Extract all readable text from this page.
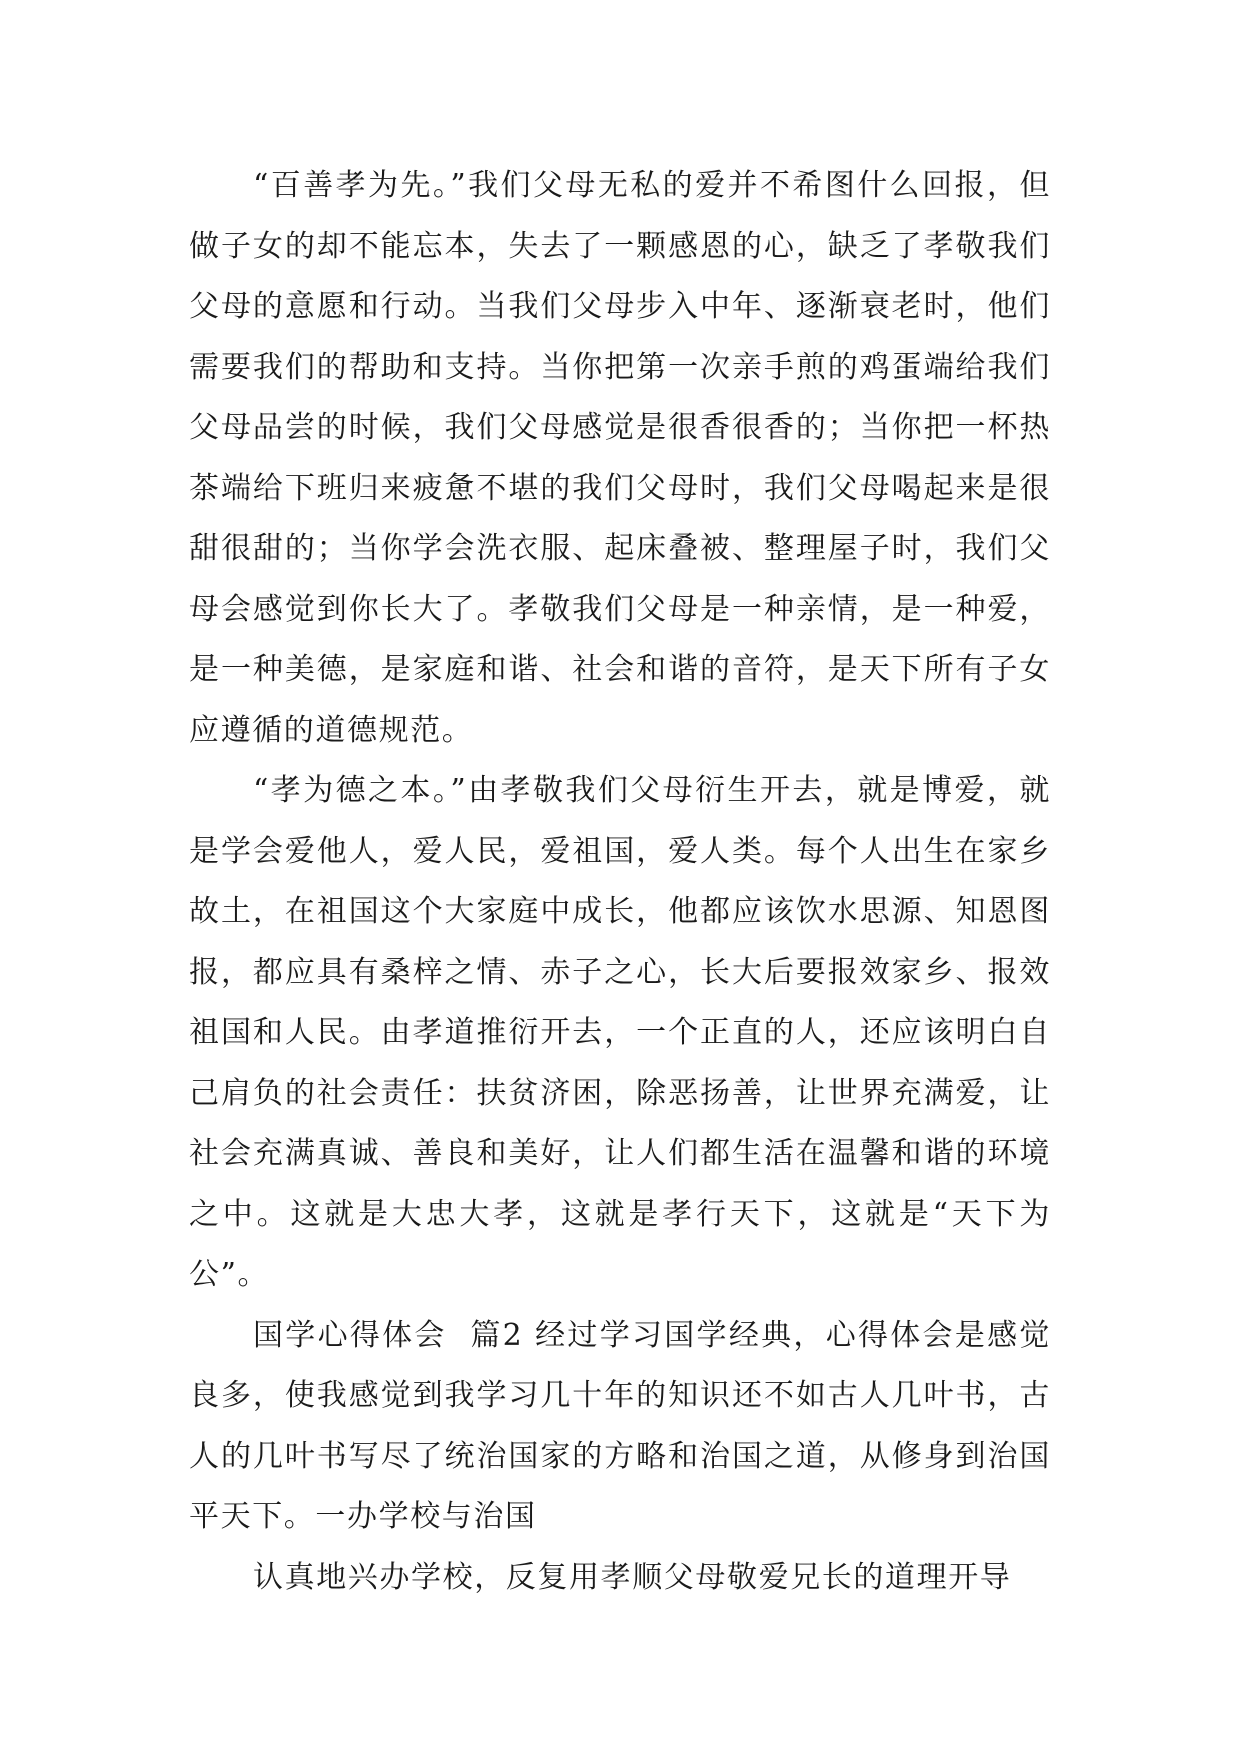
“百善孝为先。”我们父母无私的爱并不希图什么回报，但做子女的却不能忘本，失去了一颗感恩的心，缺乏了孝敬我们父母的意愿和行动。当我们父母步入中年、逐渐衰老时，他们需要我们的帮助和支持。当你把第一次亲手煎的鸡蛋端给我们父母品尝的时候，我们父母感觉是很香很香的；当你把一杯热茶端给下班归来疲惫不堪的我们父母时，我们父母喝起来是很甜很甜的；当你学会洗衣服、起床叠被、整理屋子时，我们父母会感觉到你长大了。孝敬我们父母是一种亲情，是一种爱，是一种美德，是家庭和谐、社会和谐的音符，是天下所有子女应遵循的道德规范。

“孝为德之本。”由孝敬我们父母衍生开去，就是博爱，就是学会爱他人，爱人民，爱祖国，爱人类。每个人出生在家乡故土，在祖国这个大家庭中成长，他都应该饮水思源、知恩图报，都应具有桑梓之情、赤子之心，长大后要报效家乡、报效祖国和人民。由孝道推衍开去，一个正直的人，还应该明白自己肩负的社会责任：扶贫济困，除恶扬善，让世界充满爱，让社会充满真诚、善良和美好，让人们都生活在温馨和谐的环境之中。这就是大忠大孝，这就是孝行天下，这就是“天下为公”。

国学心得体会  篇2 经过学习国学经典，心得体会是感觉良多，使我感觉到我学习几十年的知识还不如古人几叶书，古人的几叶书写尽了统治国家的方略和治国之道，从修身到治国平天下。一办学校与治国

认真地兴办学校，反复用孝顺父母敬爱兄长的道理开导
